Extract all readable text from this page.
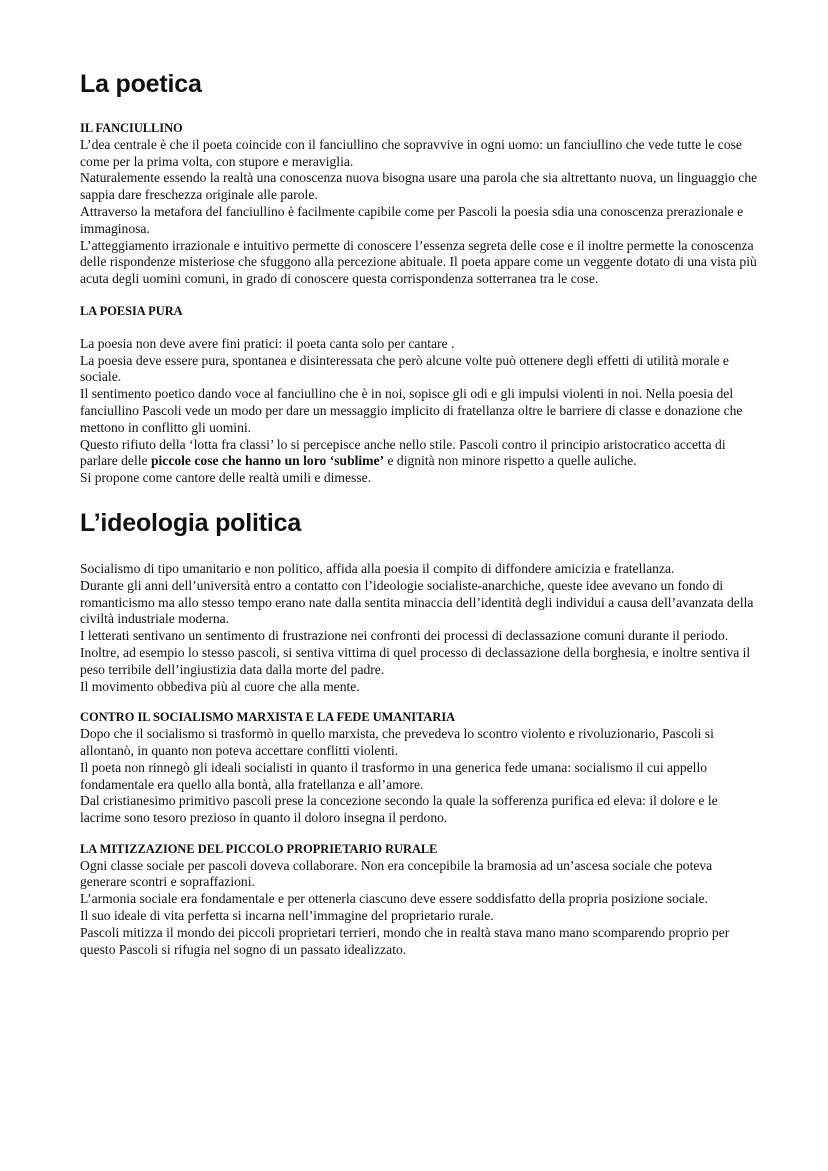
La poetica
IL FANCIULLINO

L’dea centrale è che il poeta coincide con il fanciullino che sopravvive in ogni uomo: un fanciullino che vede tutte le cose come per la prima volta, con stupore e meraviglia.

Naturalemente essendo la realtà una conoscenza nuova bisogna usare una parola che sia altrettanto nuova, un linguaggio che sappia dare freschezza originale alle parole.

Attraverso la metafora del fanciullino è facilmente capibile come per Pascoli la poesia sdia una conoscenza prerazionale e immaginosa.

L’atteggiamento irrazionale e intuitivo permette di conoscere l’essenza segreta delle cose e il inoltre permette la conoscenza delle rispondenze misteriose che sfuggono alla percezione abituale. Il poeta appare come un veggente dotato di una vista più acuta degli uomini comuni, in grado di conoscere questa corrispondenza sotterranea tra le cose.

LA POESIA PURA

La poesia non deve avere fini pratici: il poeta canta solo per cantare .

La poesia deve essere pura, spontanea e disinteressata che però alcune volte può ottenere degli effetti di utilità morale e sociale.

Il sentimento poetico dando voce al fanciullino che è in noi, sopisce gli odi e gli impulsi violenti in noi. Nella poesia del fanciullino Pascoli vede un modo per dare un messaggio implicito di fratellanza oltre le barriere di classe e donazione che mettono in conflitto gli uomini.

Questo rifiuto della ‘lotta fra classi’ lo si percepisce anche nello stile. Pascoli contro il principio aristocratico accetta di parlare delle piccole cose che hanno un loro ‘sublime’ e dignità non minore rispetto a quelle auliche.

Si propone come cantore delle realtà umili e dimesse.

L’ideologia politica

Socialismo di tipo umanitario e non politico, affida alla poesia il compito di diffondere amicizia e fratellanza.

Durante gli anni dell’università entro a contatto con l’ideologie socialiste-anarchiche, queste idee avevano un fondo di romanticismo ma allo stesso tempo erano nate dalla sentita minaccia dell’identità degli individui a causa dell’avanzata della civiltà industriale moderna.

I letterati sentivano un sentimento di frustrazione nei confronti dei processi di declassazione comuni durante il periodo.

Inoltre, ad esempio lo stesso pascoli, si sentiva vittima di quel processo di declassazione della borghesia, e inoltre sentiva il peso terribile dell’ingiustizia data dalla morte del padre.

Il movimento obbediva più al cuore che alla mente.

CONTRO IL SOCIALISMO MARXISTA E LA FEDE UMANITARIA

Dopo che il socialismo si trasformò in quello marxista, che prevedeva lo scontro violento e rivoluzionario, Pascoli si allontanò, in quanto non poteva accettare conflitti violenti.

Il poeta non rinnegò gli ideali socialisti in quanto il trasformo in una generica fede umana: socialismo il cui appello fondamentale era quello alla bontà, alla fratellanza e all’amore.

Dal cristianesimo primitivo pascoli prese la concezione secondo la quale la sofferenza purifica ed eleva: il dolore e le lacrime sono tesoro prezioso in quanto il doloro insegna il perdono.

LA MITIZZAZIONE DEL PICCOLO PROPRIETARIO RURALE

Ogni classe sociale per pascoli doveva collaborare. Non era concepibile la bramosia ad un’ascesa sociale che poteva generare scontri e sopraffazioni.

L’armonia sociale era fondamentale e per ottenerla ciascuno deve essere soddisfatto della propria posizione sociale.

Il suo ideale di vita perfetta si incarna nell’immagine del proprietario rurale.

Pascoli mitizza il mondo dei piccoli proprietari terrieri, mondo che in realtà stava mano mano scomparendo proprio per questo Pascoli si rifugia nel sogno di un passato idealizzato.
